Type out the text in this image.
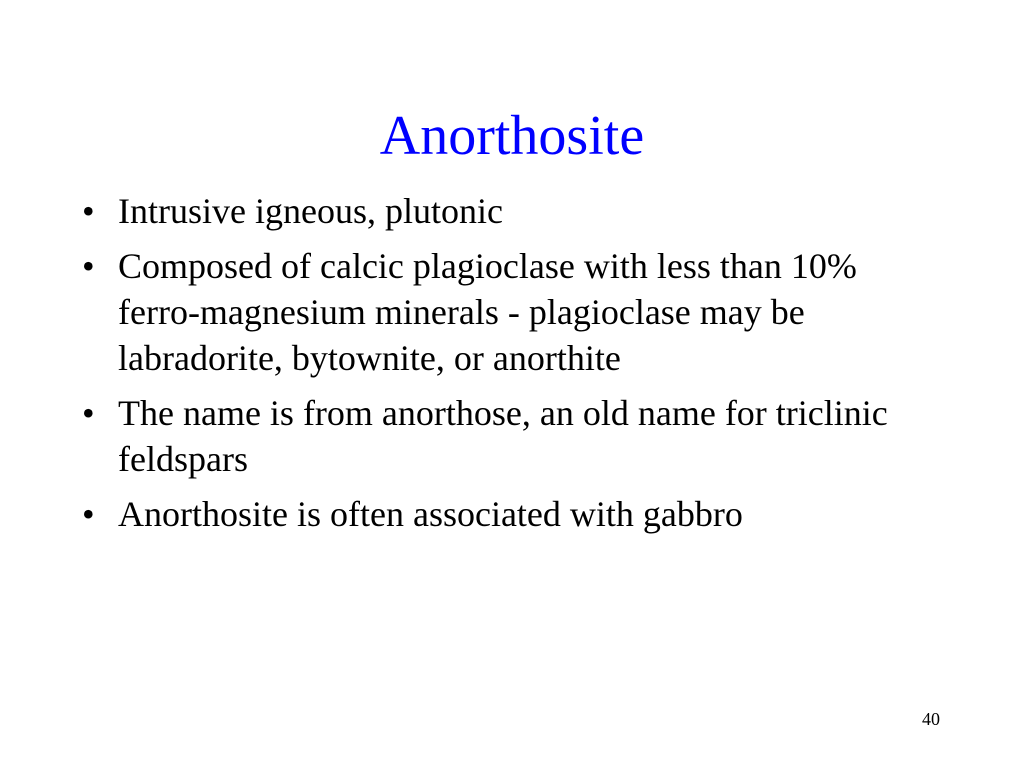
Anorthosite
• Intrusive igneous, plutonic
• Composed of calcic plagioclase with less than 10% ferro-magnesium minerals - plagioclase may be labradorite, bytownite, or anorthite
• The name is from anorthose, an old name for triclinic feldspars
• Anorthosite is often associated with gabbro
40
